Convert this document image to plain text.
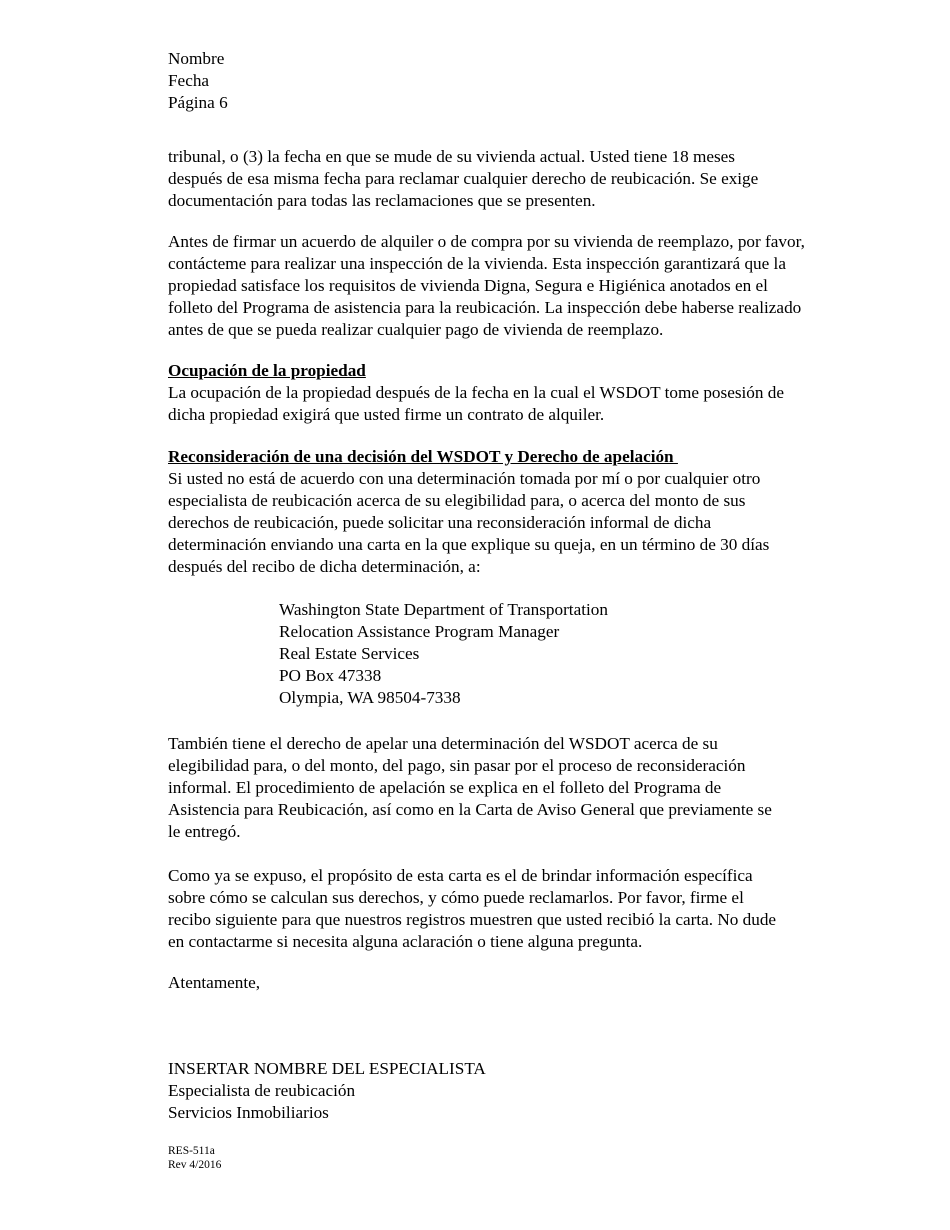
Nombre
Fecha
Página 6

tribunal, o (3) la fecha en que se mude de su vivienda actual. Usted tiene 18 meses
después de esa misma fecha para reclamar cualquier derecho de reubicación. Se exige
documentación para todas las reclamaciones que se presenten.

Antes de firmar un acuerdo de alquiler o de compra por su vivienda de reemplazo, por favor,
contácteme para realizar una inspección de la vivienda. Esta inspección garantizará que la
propiedad satisface los requisitos de vivienda Digna, Segura e Higiénica anotados en el
folleto del Programa de asistencia para la reubicación. La inspección debe haberse realizado
antes de que se pueda realizar cualquier pago de vivienda de reemplazo.

Ocupación de la propiedad

La ocupación de la propiedad después de la fecha en la cual el WSDOT tome posesión de
dicha propiedad exigirá que usted firme un contrato de alquiler.

Reconsideración de una decisión del WSDOT y Derecho de apelación

Si usted no está de acuerdo con una determinación tomada por mí o por cualquier otro
especialista de reubicación acerca de su elegibilidad para, o acerca del monto de sus
derechos de reubicación, puede solicitar una reconsideración informal de dicha
determinación enviando una carta en la que explique su queja, en un término de 30 días
después del recibo de dicha determinación, a:

Washington State Department of Transportation
Relocation Assistance Program Manager
Real Estate Services
PO Box 47338
Olympia, WA 98504-7338

También tiene el derecho de apelar una determinación del WSDOT acerca de su
elegibilidad para, o del monto, del pago, sin pasar por el proceso de reconsideración
informal. El procedimiento de apelación se explica en el folleto del Programa de
Asistencia para Reubicación, así como en la Carta de Aviso General que previamente se
le entregó.

Como ya se expuso, el propósito de esta carta es el de brindar información específica
sobre cómo se calculan sus derechos, y cómo puede reclamarlos. Por favor, firme el
recibo siguiente para que nuestros registros muestren que usted recibió la carta. No dude
en contactarme si necesita alguna aclaración o tiene alguna pregunta.

Atentamente,

INSERTAR NOMBRE DEL ESPECIALISTA
Especialista de reubicación
Servicios Inmobiliarios
RES-511a
Rev 4/2016
